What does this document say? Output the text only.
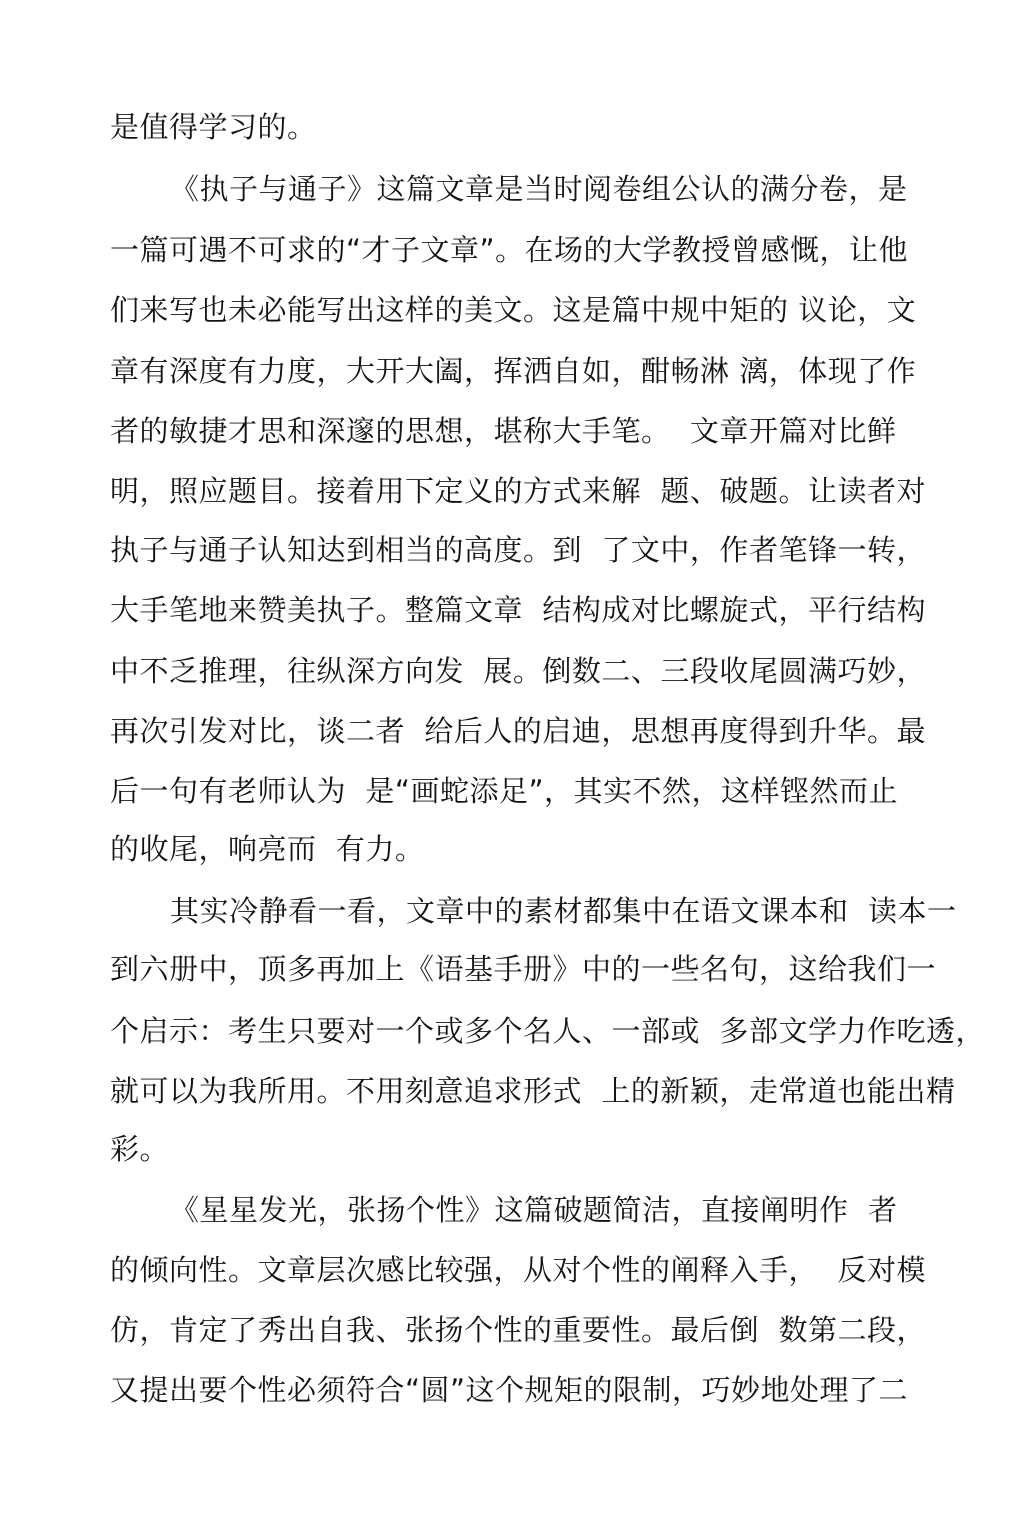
是值得学习的。

《执子与通子》这篇文章是当时阅卷组公认的满分卷，是

一篇可遇不可求的“才子文章”。在场的大学教授曾感慨，让他

们来写也未必能写出这样的美文。这是篇中规中矩的 议论，文

章有深度有力度，大开大阖，挥洒自如，酣畅淋 漓，体现了作

者的敏捷才思和深邃的思想，堪称大手笔。  文章开篇对比鲜

明，照应题目。接着用下定义的方式来解  题、破题。让读者对

执子与通子认知达到相当的高度。到  了文中，作者笔锋一转，

大手笔地来赞美执子。整篇文章  结构成对比螺旋式，平行结构

中不乏推理，往纵深方向发  展。倒数二、三段收尾圆满巧妙，

再次引发对比，谈二者  给后人的启迪，思想再度得到升华。最

后一句有老师认为  是“画蛇添足”，其实不然，这样铿然而止

的收尾，响亮而  有力。

其实冷静看一看，文章中的素材都集中在语文课本和  读本一

到六册中，顶多再加上《语基手册》中的一些名句，这给我们一

个启示：考生只要对一个或多个名人、一部或  多部文学力作吃透，

就可以为我所用。不用刻意追求形式  上的新颖，走常道也能出精

彩。

《星星发光，张扬个性》这篇破题简洁，直接阐明作  者

的倾向性。文章层次感比较强，从对个性的阐释入手，  反对模

仿，肯定了秀出自我、张扬个性的重要性。最后倒  数第二段，

又提出要个性必须符合“圆”这个规矩的限制，巧妙地处理了二
